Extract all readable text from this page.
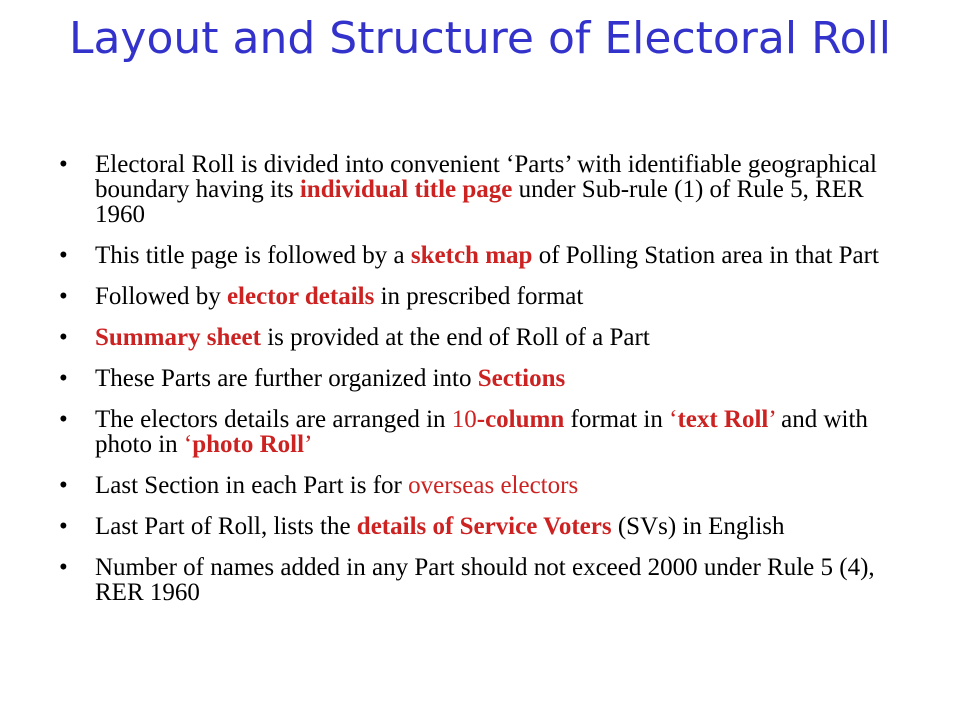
Layout and Structure of Electoral Roll
• Electoral Roll is divided into convenient ‘Parts’ with identifiable geographical boundary having its individual title page under Sub-rule (1) of Rule 5, RER 1960
• This title page is followed by a sketch map of Polling Station area in that Part
• Followed by elector details in prescribed format
• Summary sheet is provided at the end of Roll of a Part
• These Parts are further organized into Sections
• The electors details are arranged in 10-column format in ‘text Roll’ and with photo in ‘photo Roll’
• Last Section in each Part is for overseas electors
• Last Part of Roll, lists the details of Service Voters (SVs) in English
• Number of names added in any Part should not exceed 2000 under Rule 5 (4), RER 1960
